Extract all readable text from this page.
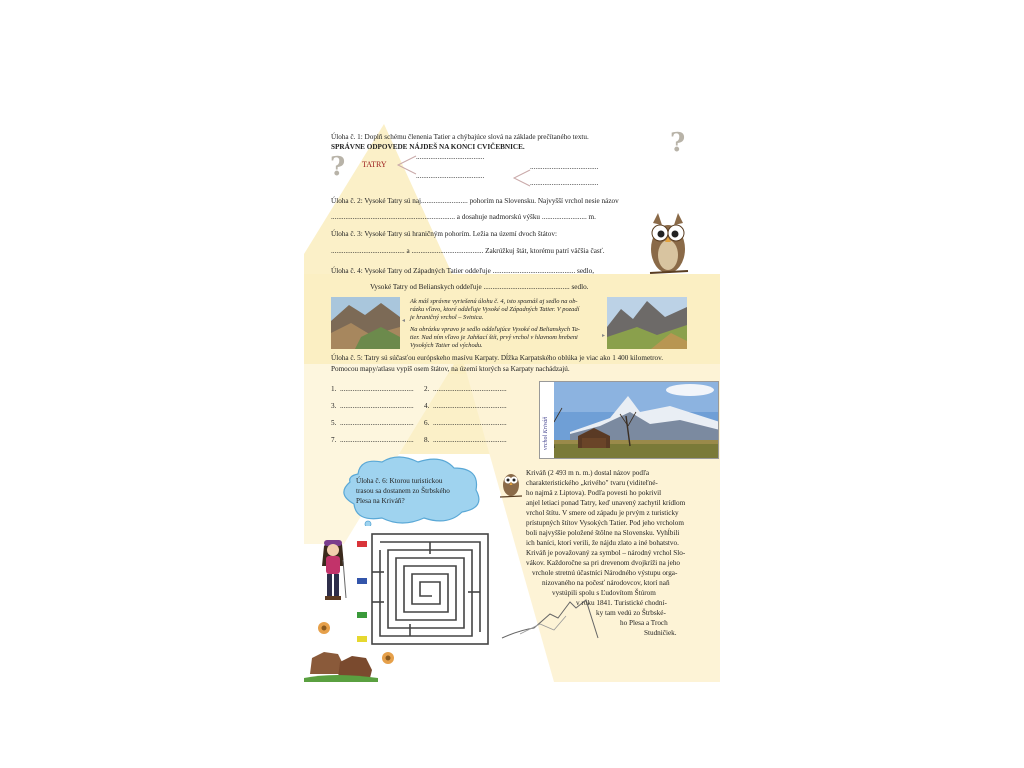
Úloha č. 1: Doplň schému členenia Tatier a chýbajúce slová na základe prečítaného textu.
SPRÁVNE ODPOVEDE NÁJDEŠ NA KONCI CVIČEBNICE.
?
?
TATRY
......................................
......................................
......................................
......................................
Úloha č. 2: Vysoké Tatry sú naj.......................... pohorím na Slovensku. Najvyšší vrchol nesie názov
..................................................................... a dosahuje nadmorskú výšku ......................... m.
Úloha č. 3: Vysoké Tatry sú hraničným pohorím. Ležia na území dvoch štátov:
......................................... a ........................................ Zakrúžkuj štát, ktorému patrí väčšia časť.
Úloha č. 4: Vysoké Tatry od Západných Tatier oddeľuje .............................................. sedlo,
Vysoké Tatry od Belianskych oddeľuje ................................................ sedlo.
◂
Ak máš správne vyriešenú úlohu č. 4, isto spoznáš aj sedlo na ob-
rázku vľavo, ktoré oddeľuje Vysoké od Západných Tatier. V pozadí
je hraničný vrchol – Svinica.
Na obrázku vpravo je sedlo oddeľujúce Vysoké od Belianskych Ta-
tier. Nad ním vľavo je Jahňací štít, prvý vrchol v hlavnom hrebeni
Vysokých Tatier od východu.
▸
Úloha č. 5: Tatry sú súčasťou európskeho masívu Karpaty. Dĺžka Karpatského oblúka je viac ako 1 400 kilometrov.
Pomocou mapy/atlasu vypíš osem štátov, na území ktorých sa Karpaty nachádzajú.
1. ......................................... 2. .........................................
3. ......................................... 4. .........................................
5. ......................................... 6. .........................................
7. ......................................... 8. .........................................	vrchol Kriváň
Úloha č. 6: Ktorou turistickou
trasou sa dostanem zo Štrbského
Plesa na Kriváň?
Kriváň (2 493 m n. m.) dostal názov podľa
charakteristického „krivého" tvaru (viditeľné-
ho najmä z Liptova). Podľa povesti ho pokrivil
anjel letiaci ponad Tatry, keď unavený zachytil krídlom
vrchol štítu. V smere od západu je prvým z turisticky
prístupných štítov Vysokých Tatier. Pod jeho vrcholom
boli najvyššie položené štôlne na Slovensku. Vyhĺbili
ich baníci, ktorí verili, že nájdu zlato a iné bohatstvo.
Kriváň je považovaný za symbol – národný vrchol Slo-
vákov. Každoročne sa pri drevenom dvojkríži na jeho
vrchole stretnú účastníci Národného výstupu orga-
nizovaného na počesť národovcov, ktorí naň
vystúpili spolu s Ľudovítom Štúrom
v roku 1841. Turistické chodní-
ky tam vedú zo Štrbské-
ho Plesa a Troch
Studničiek.
